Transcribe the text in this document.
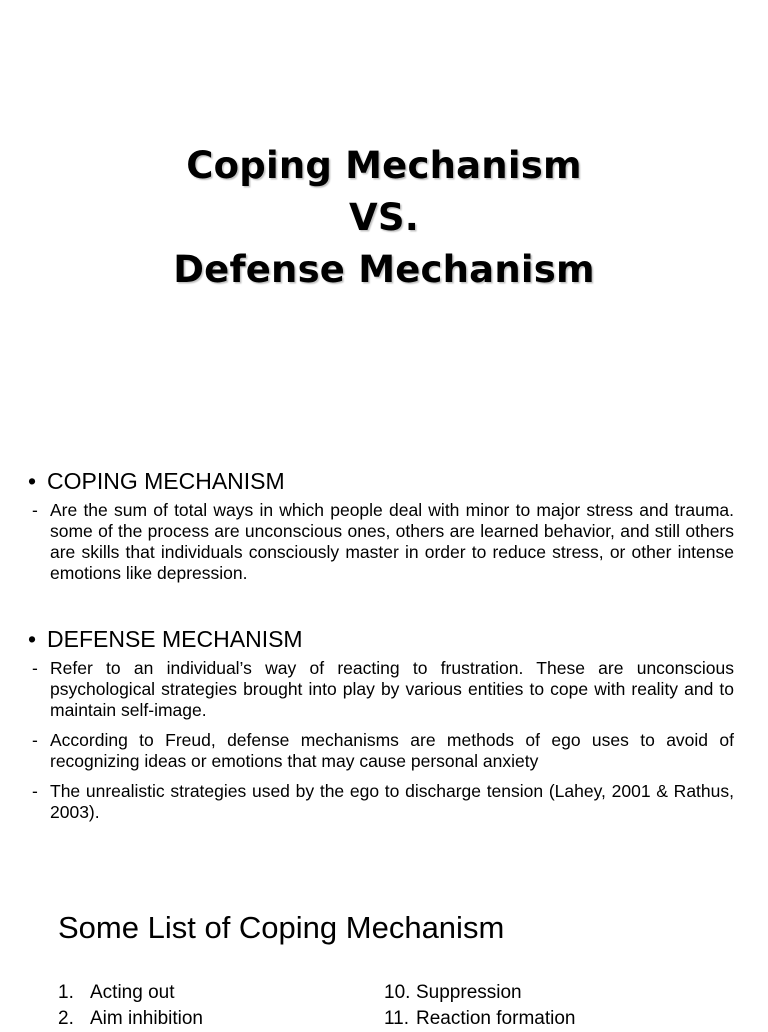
Coping Mechanism
VS.
Defense Mechanism
• COPING MECHANISM
- Are the sum of total ways in which people deal with minor to major stress and trauma. some of the process are unconscious ones, others are learned behavior, and still others are skills that individuals consciously master in order to reduce stress, or other intense emotions like depression.
• DEFENSE MECHANISM
- Refer to an individual’s way of reacting to frustration. These are unconscious psychological strategies brought into play by various entities to cope with reality and to maintain self-image.
- According to Freud, defense mechanisms are methods of ego uses to avoid of recognizing ideas or emotions that may cause personal anxiety
- The unrealistic strategies used by the ego to discharge tension (Lahey, 2001 & Rathus, 2003).
Some List of Coping Mechanism
1. Acting out
2. Aim inhibition
10. Suppression
11. Reaction formation
